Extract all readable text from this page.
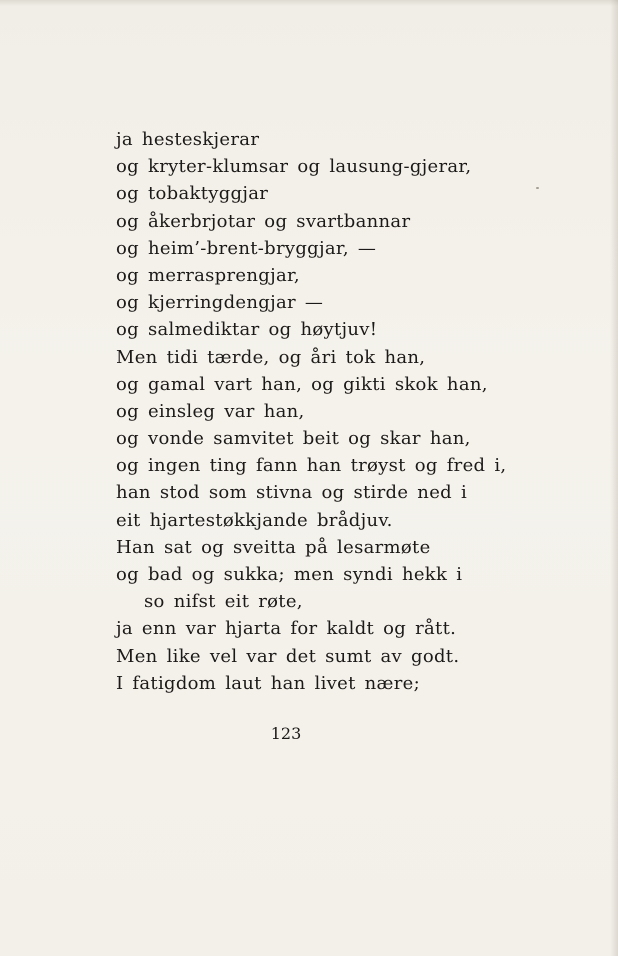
ja hesteskjerar
og kryter-klumsar og lausung-gjerar,
og tobaktyggjar
og åkerbrjotar og svartbannar
og heim’-brent-bryggjar, —
og merrasprengjar,
og kjerringdengjar —
og salmediktar og høytjuv!
Men tidi tærde, og åri tok han,
og gamal vart han, og gikti skok han,
og einsleg var han,
og vonde samvitet beit og skar han,
og ingen ting fann han trøyst og fred i,
han stod som stivna og stirde ned i
eit hjartestøkkjande brådjuv.
Han sat og sveitta på lesarmøte
og bad og sukka; men syndi hekk i
so nifst eit røte,
ja enn var hjarta for kaldt og rått.
Men like vel var det sumt av godt.
I fatigdom laut han livet nære;
123
